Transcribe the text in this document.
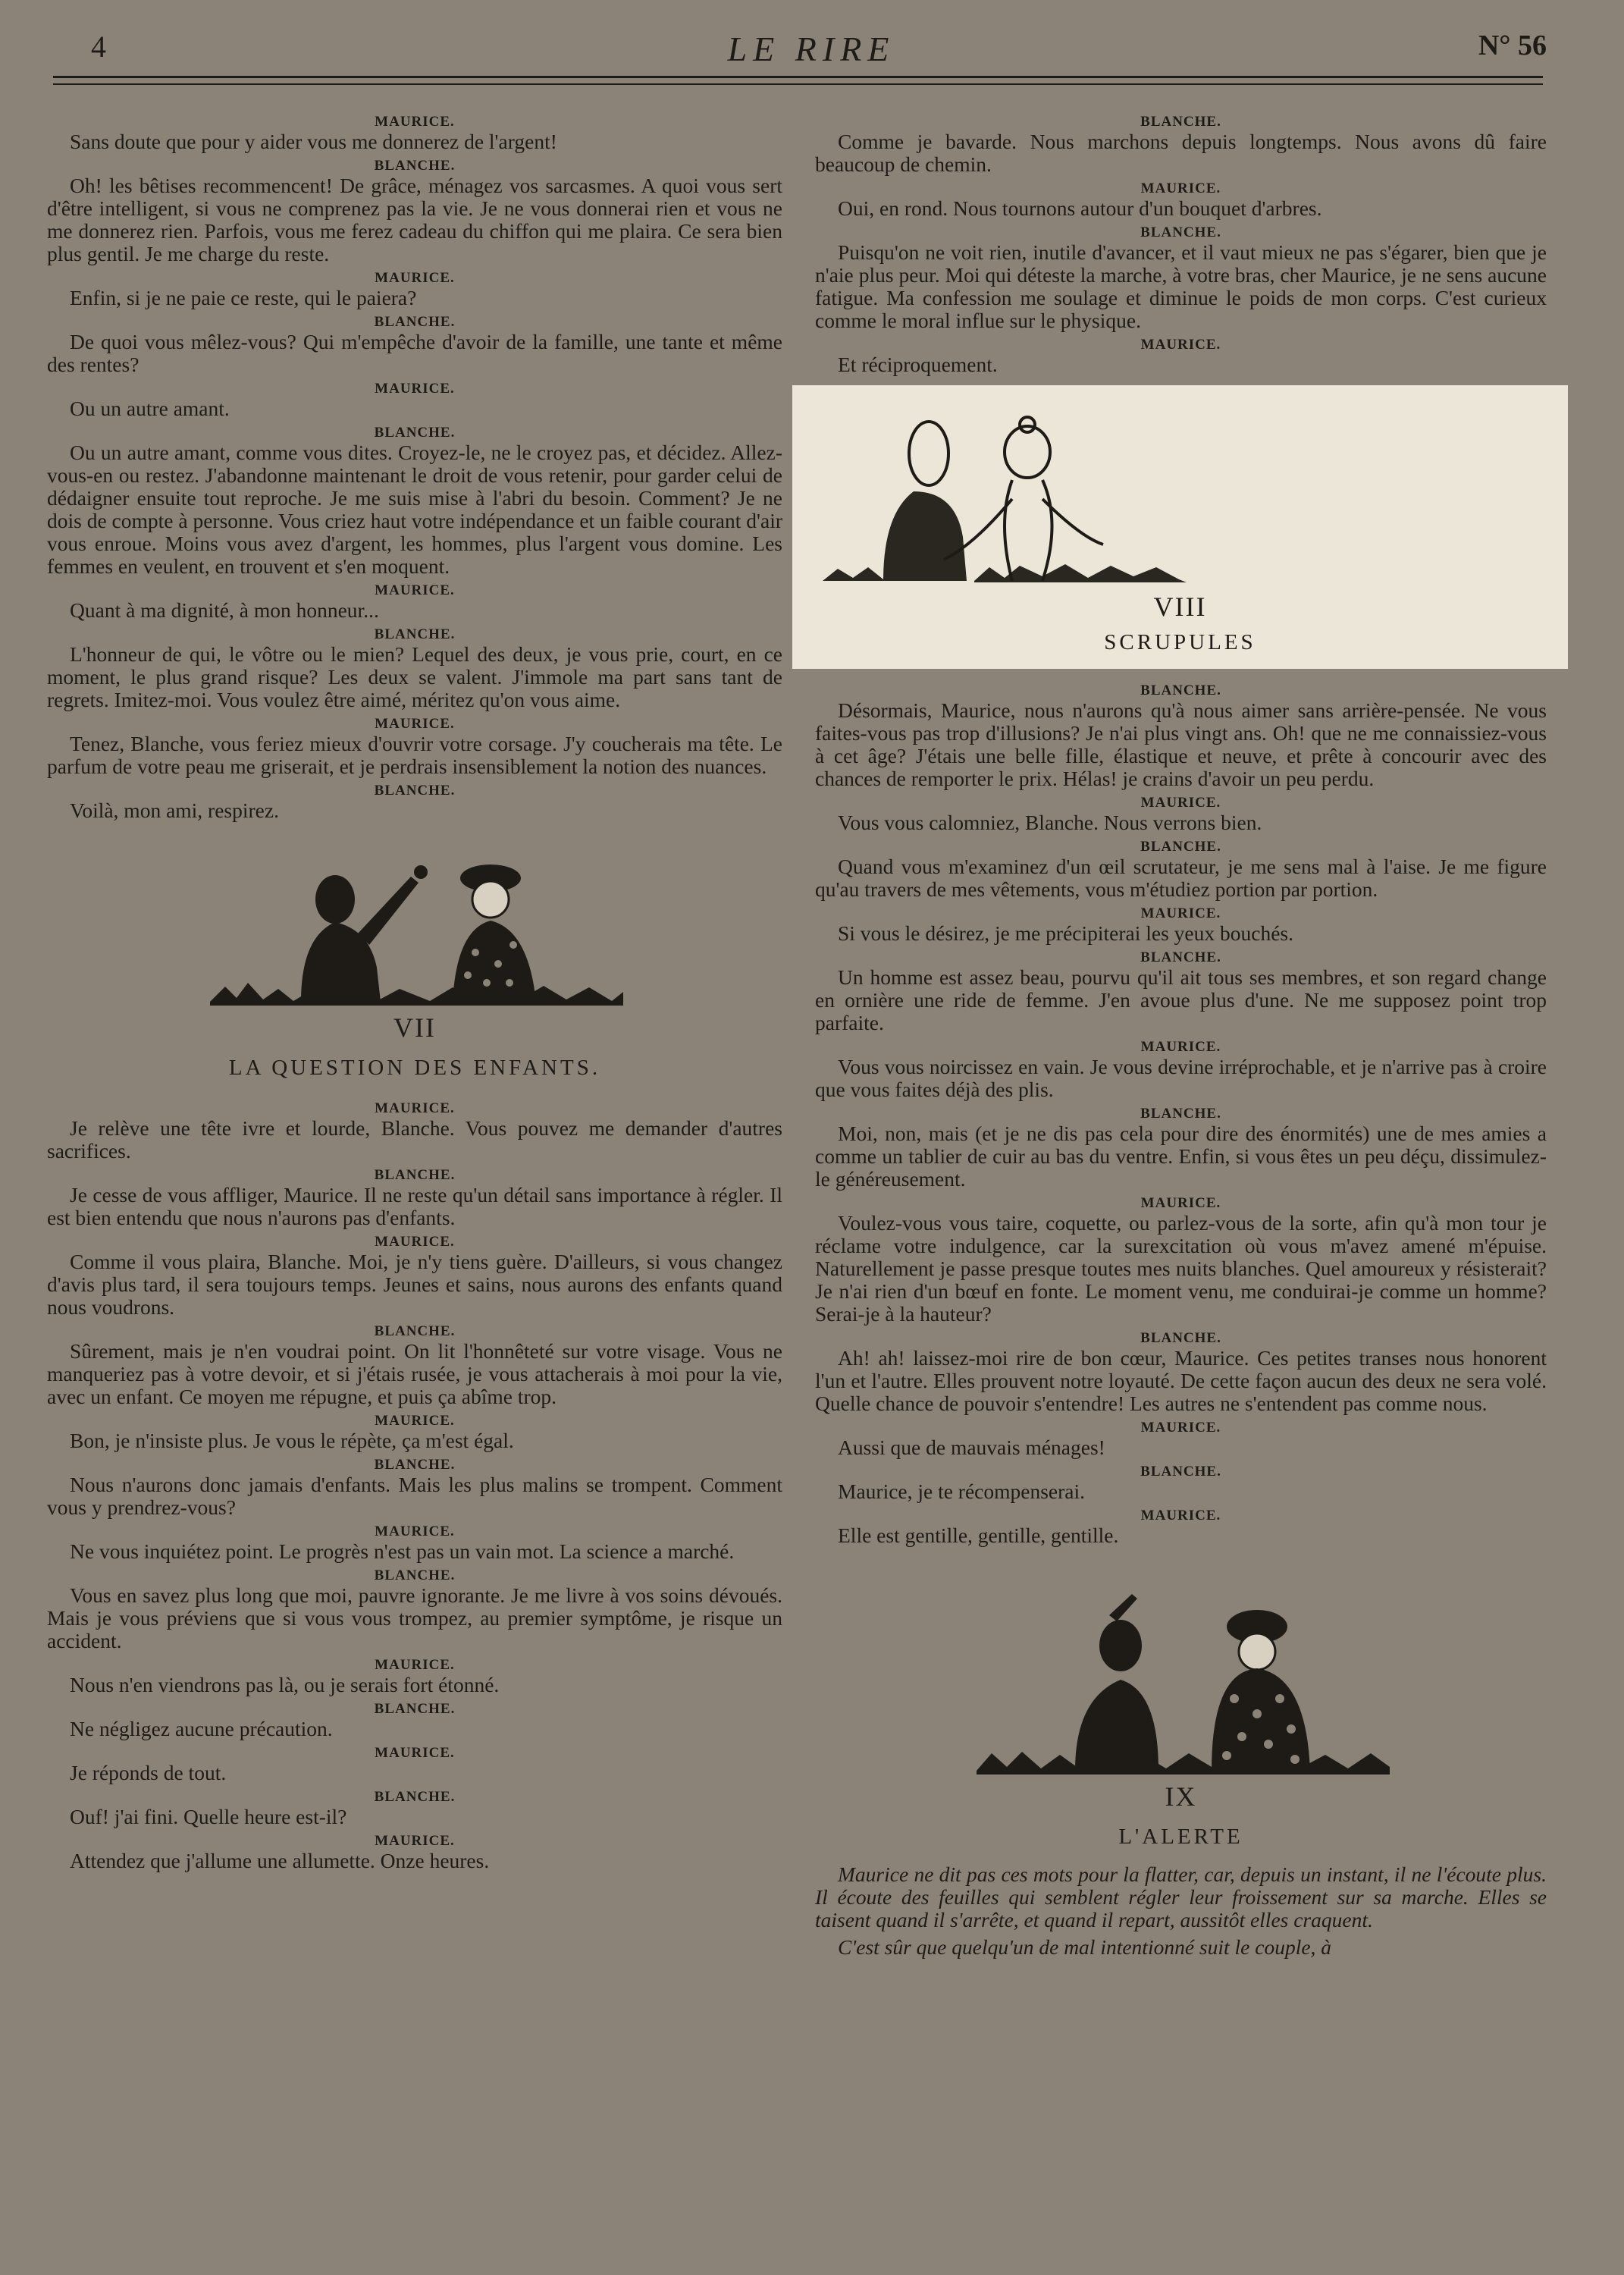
4	LE RIRE	N° 56

MAURICE.

Sans doute que pour y aider vous me donnerez de l'argent!

BLANCHE.

Oh! les bêtises recommencent! De grâce, ménagez vos sarcasmes. A quoi vous sert d'être intelligent, si vous ne comprenez pas la vie. Je ne vous donnerai rien et vous ne me donnerez rien. Parfois, vous me ferez cadeau du chiffon qui me plaira. Ce sera bien plus gentil. Je me charge du reste.

MAURICE.

Enfin, si je ne paie ce reste, qui le paiera?

BLANCHE.

De quoi vous mêlez-vous? Qui m'empêche d'avoir de la famille, une tante et même des rentes?

MAURICE.

Ou un autre amant.

BLANCHE.

Ou un autre amant, comme vous dites. Croyez-le, ne le croyez pas, et décidez. Allez-vous-en ou restez. J'abandonne maintenant le droit de vous retenir, pour garder celui de dédaigner ensuite tout reproche. Je me suis mise à l'abri du besoin. Comment? Je ne dois de compte à personne. Vous criez haut votre indépendance et un faible courant d'air vous enroue. Moins vous avez d'argent, les hommes, plus l'argent vous domine. Les femmes en veulent, en trouvent et s'en moquent.

MAURICE.

Quant à ma dignité, à mon honneur...

BLANCHE.

L'honneur de qui, le vôtre ou le mien? Lequel des deux, je vous prie, court, en ce moment, le plus grand risque? Les deux se valent. J'immole ma part sans tant de regrets. Imitez-moi. Vous voulez être aimé, méritez qu'on vous aime.

MAURICE.

Tenez, Blanche, vous feriez mieux d'ouvrir votre corsage. J'y coucherais ma tête. Le parfum de votre peau me griserait, et je perdrais insensiblement la notion des nuances.

BLANCHE.

Voilà, mon ami, respirez.

VII
LA QUESTION DES ENFANTS.

MAURICE.

Je relève une tête ivre et lourde, Blanche. Vous pouvez me demander d'autres sacrifices.

BLANCHE.

Je cesse de vous affliger, Maurice. Il ne reste qu'un détail sans importance à régler. Il est bien entendu que nous n'aurons pas d'enfants.

MAURICE.

Comme il vous plaira, Blanche. Moi, je n'y tiens guère. D'ailleurs, si vous changez d'avis plus tard, il sera toujours temps. Jeunes et sains, nous aurons des enfants quand nous voudrons.

BLANCHE.

Sûrement, mais je n'en voudrai point. On lit l'honnêteté sur votre visage. Vous ne manqueriez pas à votre devoir, et si j'étais rusée, je vous attacherais à moi pour la vie, avec un enfant. Ce moyen me répugne, et puis ça abîme trop.

MAURICE.

Bon, je n'insiste plus. Je vous le répète, ça m'est égal.

BLANCHE.

Nous n'aurons donc jamais d'enfants. Mais les plus malins se trompent. Comment vous y prendrez-vous?

MAURICE.

Ne vous inquiétez point. Le progrès n'est pas un vain mot. La science a marché.

BLANCHE.

Vous en savez plus long que moi, pauvre ignorante. Je me livre à vos soins dévoués. Mais je vous préviens que si vous vous trompez, au premier symptôme, je risque un accident.

MAURICE.

Nous n'en viendrons pas là, ou je serais fort étonné.

BLANCHE.

Ne négligez aucune précaution.

MAURICE.

Je réponds de tout.

BLANCHE.

Ouf! j'ai fini. Quelle heure est-il?

MAURICE.

Attendez que j'allume une allumette. Onze heures.

BLANCHE.

Comme je bavarde. Nous marchons depuis longtemps. Nous avons dû faire beaucoup de chemin.

MAURICE.

Oui, en rond. Nous tournons autour d'un bouquet d'arbres.

BLANCHE.

Puisqu'on ne voit rien, inutile d'avancer, et il vaut mieux ne pas s'égarer, bien que je n'aie plus peur. Moi qui déteste la marche, à votre bras, cher Maurice, je ne sens aucune fatigue. Ma confession me soulage et diminue le poids de mon corps. C'est curieux comme le moral influe sur le physique.

MAURICE.

Et réciproquement.

VIII
SCRUPULES

BLANCHE.

Désormais, Maurice, nous n'aurons qu'à nous aimer sans arrière-pensée. Ne vous faites-vous pas trop d'illusions? Je n'ai plus vingt ans. Oh! que ne me connaissiez-vous à cet âge? J'étais une belle fille, élastique et neuve, et prête à concourir avec des chances de remporter le prix. Hélas! je crains d'avoir un peu perdu.

MAURICE.

Vous vous calomniez, Blanche. Nous verrons bien.

BLANCHE.

Quand vous m'examinez d'un œil scrutateur, je me sens mal à l'aise. Je me figure qu'au travers de mes vêtements, vous m'étudiez portion par portion.

MAURICE.

Si vous le désirez, je me précipiterai les yeux bouchés.

BLANCHE.

Un homme est assez beau, pourvu qu'il ait tous ses membres, et son regard change en ornière une ride de femme. J'en avoue plus d'une. Ne me supposez point trop parfaite.

MAURICE.

Vous vous noircissez en vain. Je vous devine irréprochable, et je n'arrive pas à croire que vous faites déjà des plis.

BLANCHE.

Moi, non, mais (et je ne dis pas cela pour dire des énormités) une de mes amies a comme un tablier de cuir au bas du ventre. Enfin, si vous êtes un peu déçu, dissimulez-le généreusement.

MAURICE.

Voulez-vous vous taire, coquette, ou parlez-vous de la sorte, afin qu'à mon tour je réclame votre indulgence, car la surexcitation où vous m'avez amené m'épuise. Naturellement je passe presque toutes mes nuits blanches. Quel amoureux y résisterait? Je n'ai rien d'un bœuf en fonte. Le moment venu, me conduirai-je comme un homme? Serai-je à la hauteur?

BLANCHE.

Ah! ah! laissez-moi rire de bon cœur, Maurice. Ces petites transes nous honorent l'un et l'autre. Elles prouvent notre loyauté. De cette façon aucun des deux ne sera volé. Quelle chance de pouvoir s'entendre! Les autres ne s'entendent pas comme nous.

MAURICE.

Aussi que de mauvais ménages!

BLANCHE.

Maurice, je te récompenserai.

MAURICE.

Elle est gentille, gentille, gentille.

IX
L'ALERTE

Maurice ne dit pas ces mots pour la flatter, car, depuis un instant, il ne l'écoute plus. Il écoute des feuilles qui semblent régler leur froissement sur sa marche. Elles se taisent quand il s'arrête, et quand il repart, aussitôt elles craquent.

C'est sûr que quelqu'un de mal intentionné suit le couple, à
